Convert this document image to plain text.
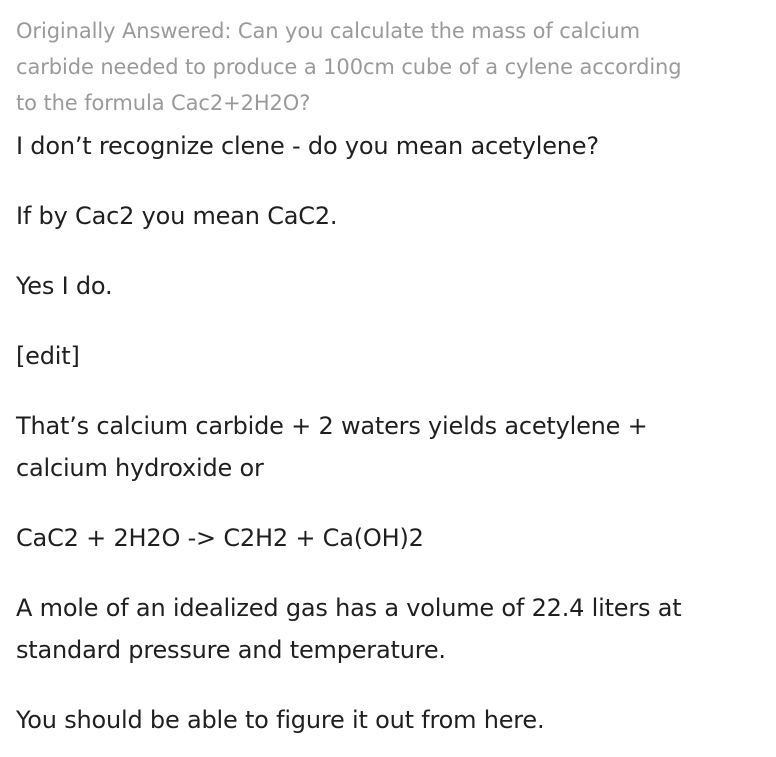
Originally Answered: Can you calculate the mass of calcium
carbide needed to produce a 100cm cube of a cylene according
to the formula Cac2+2H2O?

I don’t recognize clene - do you mean acetylene?

If by Cac2 you mean CaC2.

Yes I do.

[edit]

That’s calcium carbide + 2 waters yields acetylene +
calcium hydroxide or

CaC2 + 2H2O -> C2H2 + Ca(OH)2

A mole of an idealized gas has a volume of 22.4 liters at
standard pressure and temperature.

You should be able to figure it out from here.
